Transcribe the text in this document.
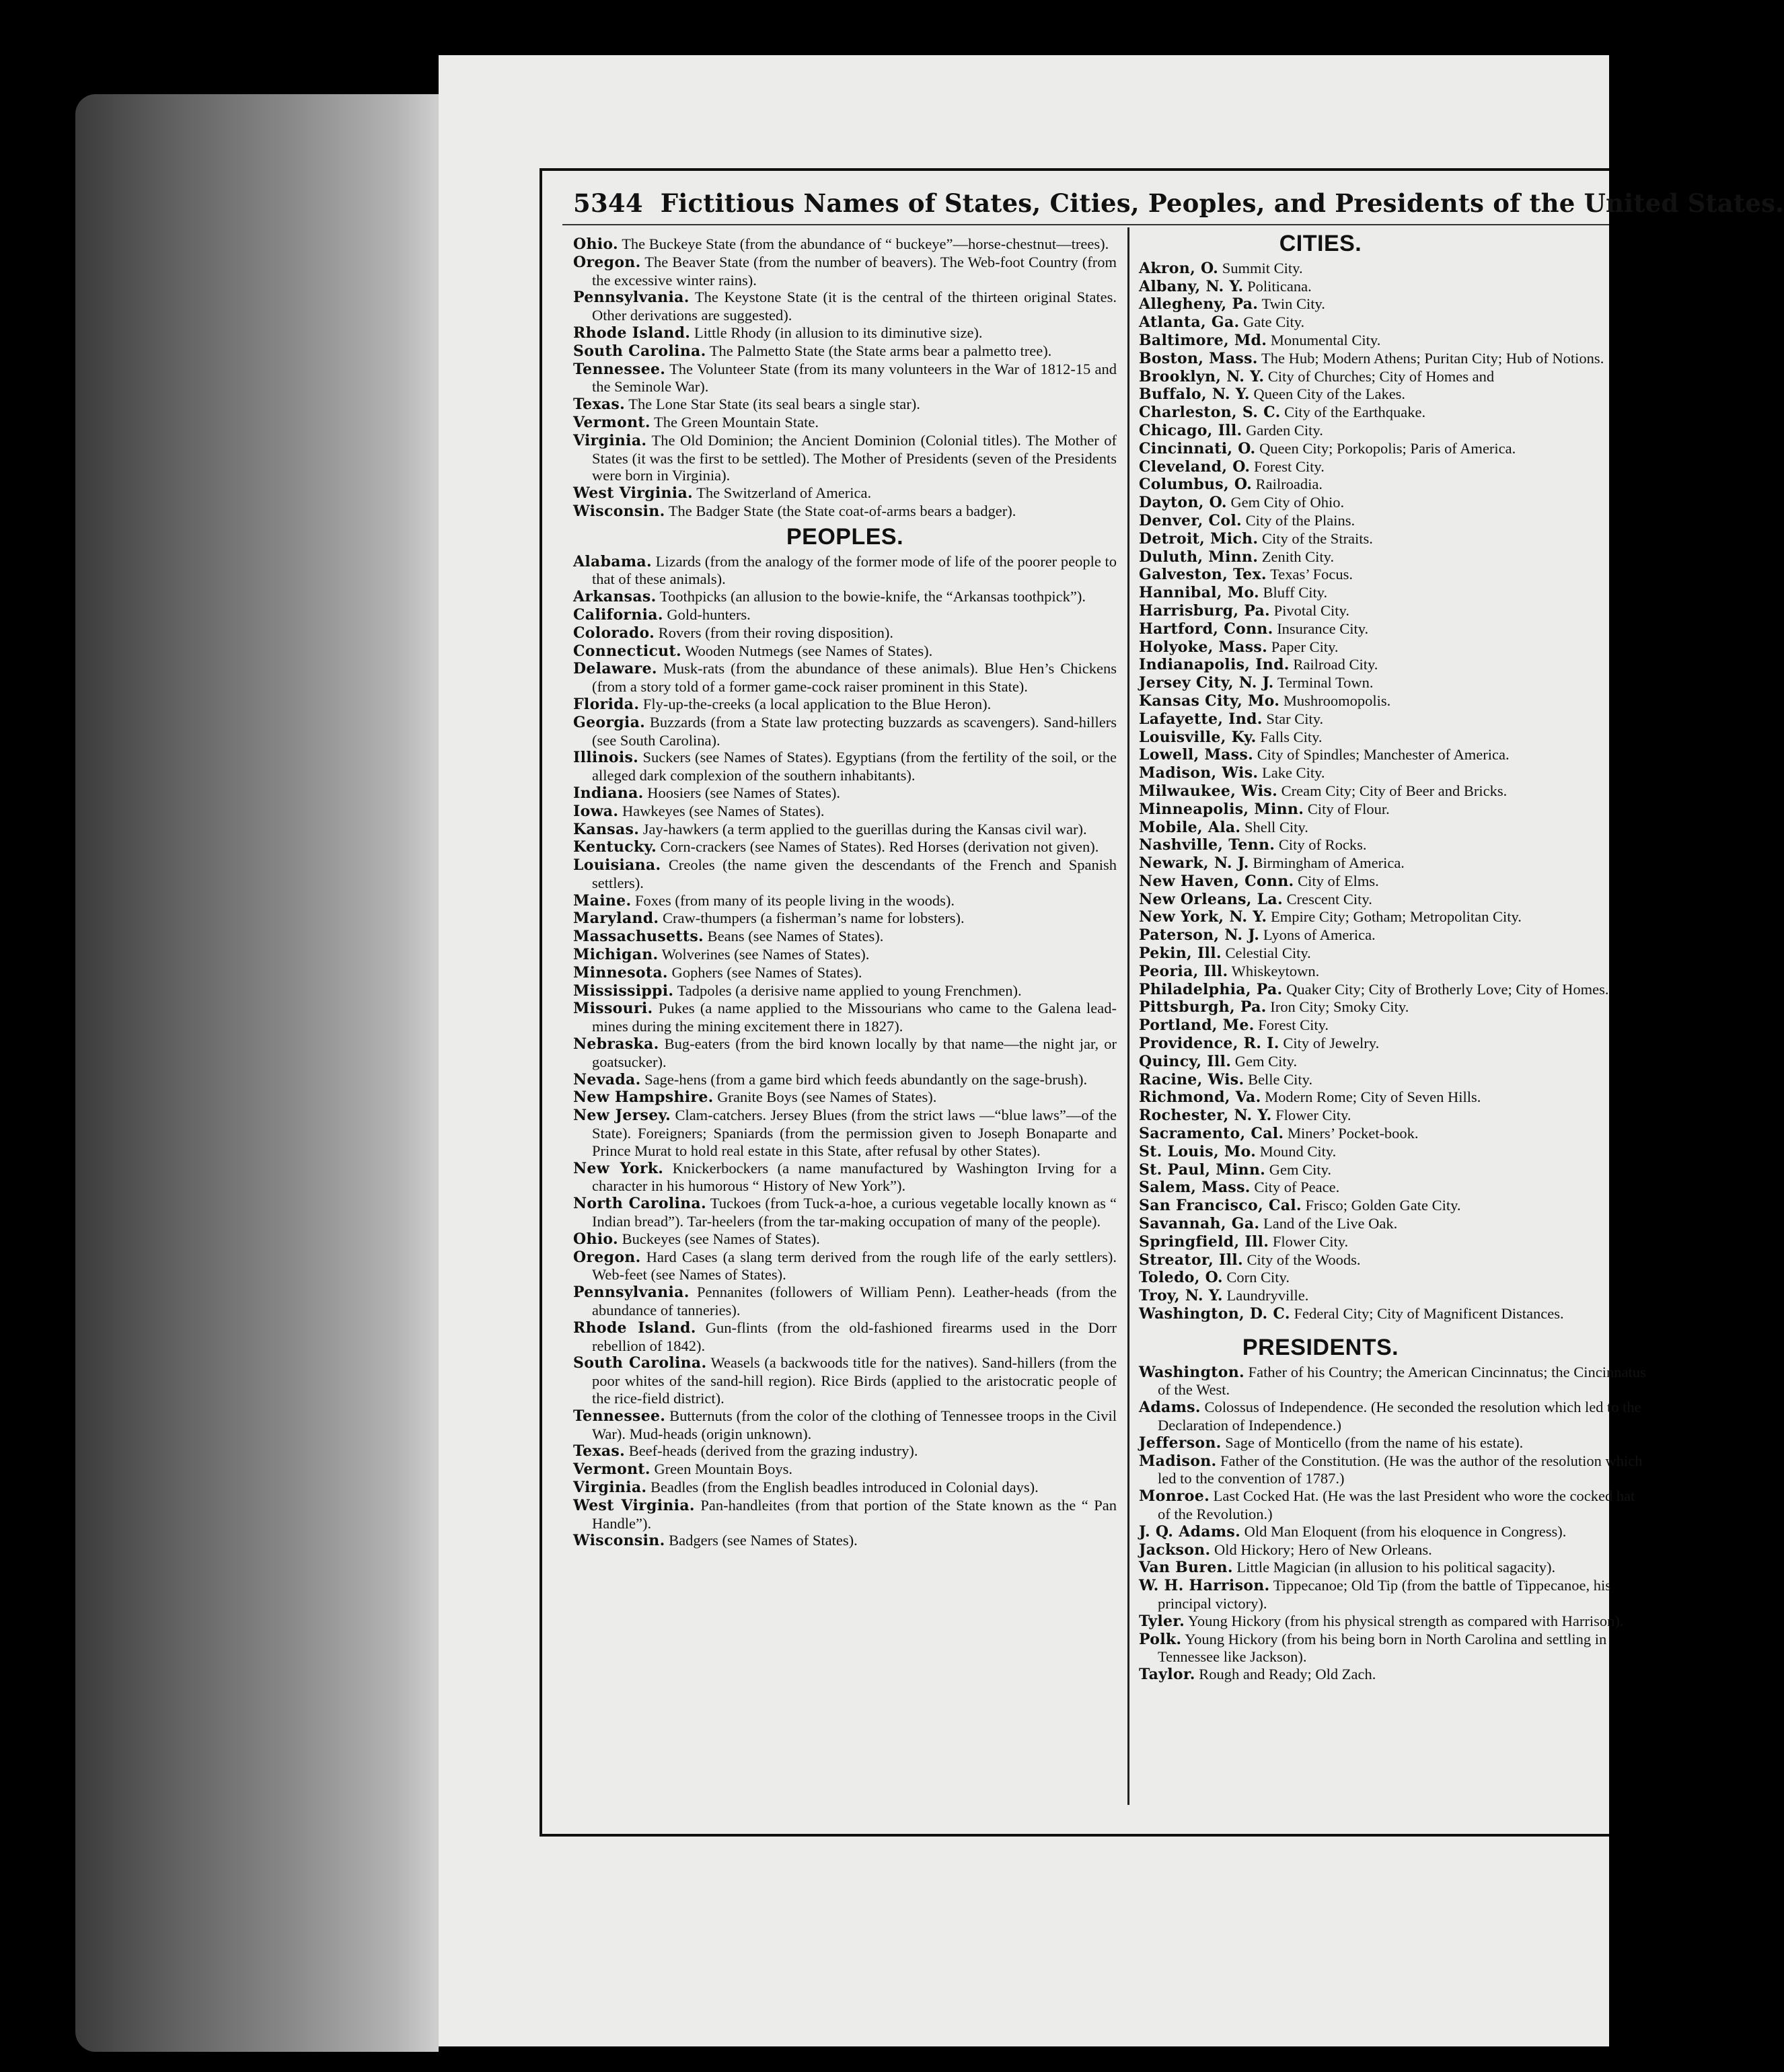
5344 Fictitious Names of States, Cities, Peoples, and Presidents of the United States.

Ohio. The Buckeye State (from the abundance of “ buckeye”—horse-chestnut—trees).

Oregon. The Beaver State (from the number of beavers). The Web-foot Country (from the excessive winter rains).

Pennsylvania. The Keystone State (it is the central of the thirteen original States. Other derivations are suggested).

Rhode Island. Little Rhody (in allusion to its diminutive size).

South Carolina. The Palmetto State (the State arms bear a palmetto tree).

Tennessee. The Volunteer State (from its many volunteers in the War of 1812-15 and the Seminole War).

Texas. The Lone Star State (its seal bears a single star).

Vermont. The Green Mountain State.

Virginia. The Old Dominion; the Ancient Dominion (Colonial titles). The Mother of States (it was the first to be settled). The Mother of Presidents (seven of the Presidents were born in Virginia).

West Virginia. The Switzerland of America.

Wisconsin. The Badger State (the State coat-of-arms bears a badger).

PEOPLES.

Alabama. Lizards (from the analogy of the former mode of life of the poorer people to that of these animals).

Arkansas. Toothpicks (an allusion to the bowie-knife, the “Arkansas toothpick”).

California. Gold-hunters.

Colorado. Rovers (from their roving disposition).

Connecticut. Wooden Nutmegs (see Names of States).

Delaware. Musk-rats (from the abundance of these animals). Blue Hen’s Chickens (from a story told of a former game-cock raiser prominent in this State).

Florida. Fly-up-the-creeks (a local application to the Blue Heron).

Georgia. Buzzards (from a State law protecting buzzards as scavengers). Sand-hillers (see South Carolina).

Illinois. Suckers (see Names of States). Egyptians (from the fertility of the soil, or the alleged dark complexion of the southern inhabitants).

Indiana. Hoosiers (see Names of States).

Iowa. Hawkeyes (see Names of States).

Kansas. Jay-hawkers (a term applied to the guerillas during the Kansas civil war).

Kentucky. Corn-crackers (see Names of States). Red Horses (derivation not given).

Louisiana. Creoles (the name given the descendants of the French and Spanish settlers).

Maine. Foxes (from many of its people living in the woods).

Maryland. Craw-thumpers (a fisherman’s name for lobsters).

Massachusetts. Beans (see Names of States).

Michigan. Wolverines (see Names of States).

Minnesota. Gophers (see Names of States).

Mississippi. Tadpoles (a derisive name applied to young Frenchmen).

Missouri. Pukes (a name applied to the Missourians who came to the Galena lead-mines during the mining excitement there in 1827).

Nebraska. Bug-eaters (from the bird known locally by that name—the night jar, or goatsucker).

Nevada. Sage-hens (from a game bird which feeds abundantly on the sage-brush).

New Hampshire. Granite Boys (see Names of States).

New Jersey. Clam-catchers. Jersey Blues (from the strict laws —“blue laws”—of the State). Foreigners; Spaniards (from the permission given to Joseph Bonaparte and Prince Murat to hold real estate in this State, after refusal by other States).

New York. Knickerbockers (a name manufactured by Washington Irving for a character in his humorous “ History of New York”).

North Carolina. Tuckoes (from Tuck-a-hoe, a curious vegetable locally known as “ Indian bread”). Tar-heelers (from the tar-making occupation of many of the people).

Ohio. Buckeyes (see Names of States).

Oregon. Hard Cases (a slang term derived from the rough life of the early settlers). Web-feet (see Names of States).

Pennsylvania. Pennanites (followers of William Penn). Leather-heads (from the abundance of tanneries).

Rhode Island. Gun-flints (from the old-fashioned firearms used in the Dorr rebellion of 1842).

South Carolina. Weasels (a backwoods title for the natives). Sand-hillers (from the poor whites of the sand-hill region). Rice Birds (applied to the aristocratic people of the rice-field district).

Tennessee. Butternuts (from the color of the clothing of Tennessee troops in the Civil War). Mud-heads (origin unknown).

Texas. Beef-heads (derived from the grazing industry).

Vermont. Green Mountain Boys.

Virginia. Beadles (from the English beadles introduced in Colonial days).

West Virginia. Pan-handleites (from that portion of the State known as the “ Pan Handle”).

Wisconsin. Badgers (see Names of States).

CITIES.

Akron, O. Summit City.

Albany, N. Y. Politicana.

Allegheny, Pa. Twin City.

Atlanta, Ga. Gate City.

Baltimore, Md. Monumental City.

Boston, Mass. The Hub; Modern Athens; Puritan City; Hub of Notions.

Brooklyn, N. Y. City of Churches; City of Homes and

Buffalo, N. Y. Queen City of the Lakes.

Charleston, S. C. City of the Earthquake.

Chicago, Ill. Garden City.

Cincinnati, O. Queen City; Porkopolis; Paris of America.

Cleveland, O. Forest City.

Columbus, O. Railroadia.

Dayton, O. Gem City of Ohio.

Denver, Col. City of the Plains.

Detroit, Mich. City of the Straits.

Duluth, Minn. Zenith City.

Galveston, Tex. Texas’ Focus.

Hannibal, Mo. Bluff City.

Harrisburg, Pa. Pivotal City.

Hartford, Conn. Insurance City.

Holyoke, Mass. Paper City.

Indianapolis, Ind. Railroad City.

Jersey City, N. J. Terminal Town.

Kansas City, Mo. Mushroomopolis.

Lafayette, Ind. Star City.

Louisville, Ky. Falls City.

Lowell, Mass. City of Spindles; Manchester of America.

Madison, Wis. Lake City.

Milwaukee, Wis. Cream City; City of Beer and Bricks.

Minneapolis, Minn. City of Flour.

Mobile, Ala. Shell City.

Nashville, Tenn. City of Rocks.

Newark, N. J. Birmingham of America.

New Haven, Conn. City of Elms.

New Orleans, La. Crescent City.

New York, N. Y. Empire City; Gotham; Metropolitan City.

Paterson, N. J. Lyons of America.

Pekin, Ill. Celestial City.

Peoria, Ill. Whiskeytown.

Philadelphia, Pa. Quaker City; City of Brotherly Love; City of Homes.

Pittsburgh, Pa. Iron City; Smoky City.

Portland, Me. Forest City.

Providence, R. I. City of Jewelry.

Quincy, Ill. Gem City.

Racine, Wis. Belle City.

Richmond, Va. Modern Rome; City of Seven Hills.

Rochester, N. Y. Flower City.

Sacramento, Cal. Miners’ Pocket-book.

St. Louis, Mo. Mound City.

St. Paul, Minn. Gem City.

Salem, Mass. City of Peace.

San Francisco, Cal. Frisco; Golden Gate City.

Savannah, Ga. Land of the Live Oak.

Springfield, Ill. Flower City.

Streator, Ill. City of the Woods.

Toledo, O. Corn City.

Troy, N. Y. Laundryville.

Washington, D. C. Federal City; City of Magnificent Distances.

PRESIDENTS.

Washington. Father of his Country; the American Cincinnatus; the Cincinnatus of the West.

Adams. Colossus of Independence. (He seconded the resolution which led to the Declaration of Independence.)

Jefferson. Sage of Monticello (from the name of his estate).

Madison. Father of the Constitution. (He was the author of the resolution which led to the convention of 1787.)

Monroe. Last Cocked Hat. (He was the last President who wore the cocked hat of the Revolution.)

J. Q. Adams. Old Man Eloquent (from his eloquence in Congress).

Jackson. Old Hickory; Hero of New Orleans.

Van Buren. Little Magician (in allusion to his political sagacity).

W. H. Harrison. Tippecanoe; Old Tip (from the battle of Tippecanoe, his principal victory).

Tyler. Young Hickory (from his physical strength as compared with Harrison).

Polk. Young Hickory (from his being born in North Carolina and settling in Tennessee like Jackson).

Taylor. Rough and Ready; Old Zach.
